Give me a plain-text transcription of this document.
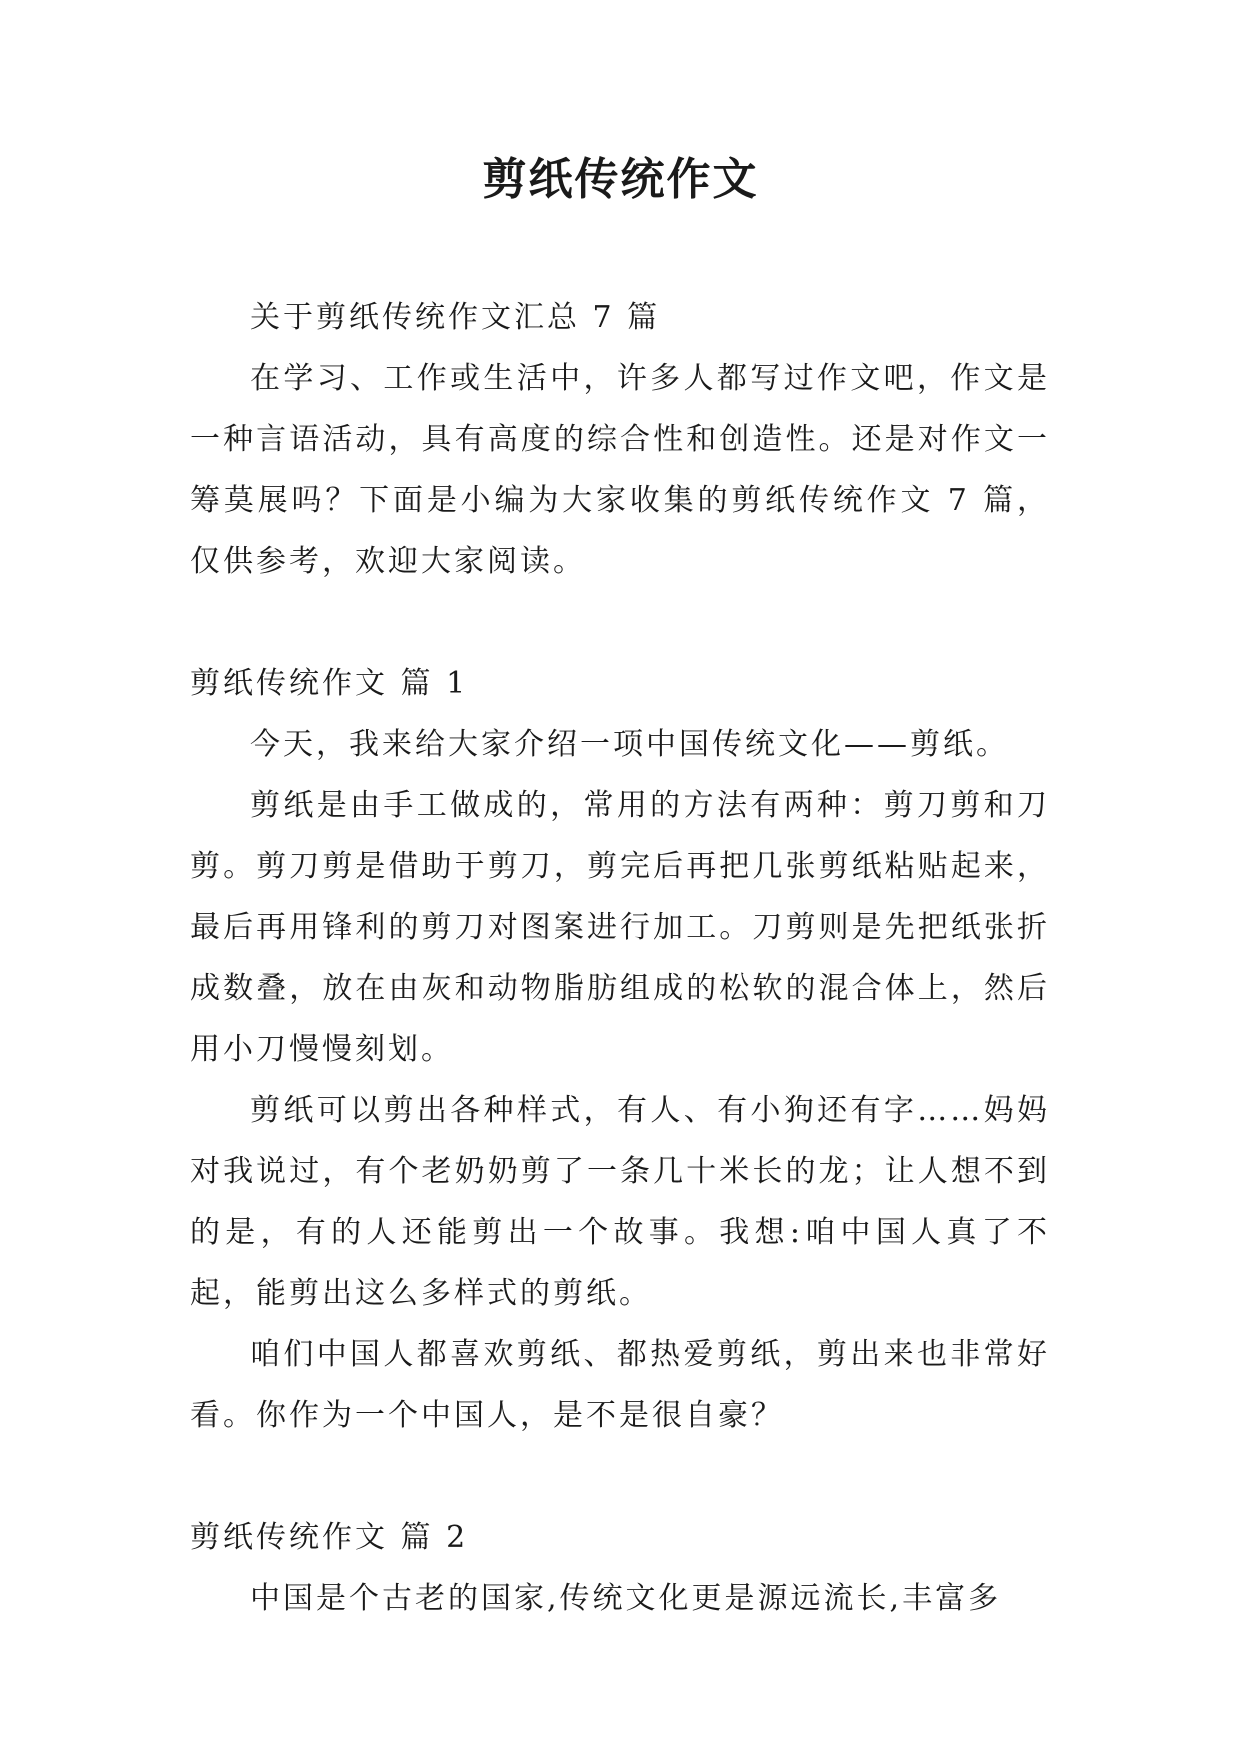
剪纸传统作文

关于剪纸传统作文汇总 7 篇

在学习、工作或生活中，许多人都写过作文吧，作文是一种言语活动，具有高度的综合性和创造性。还是对作文一筹莫展吗？下面是小编为大家收集的剪纸传统作文 7 篇，仅供参考，欢迎大家阅读。

剪纸传统作文 篇 1

今天，我来给大家介绍一项中国传统文化——剪纸。

剪纸是由手工做成的，常用的方法有两种：剪刀剪和刀剪。剪刀剪是借助于剪刀，剪完后再把几张剪纸粘贴起来，最后再用锋利的剪刀对图案进行加工。刀剪则是先把纸张折成数叠，放在由灰和动物脂肪组成的松软的混合体上，然后用小刀慢慢刻划。

剪纸可以剪出各种样式，有人、有小狗还有字……妈妈对我说过，有个老奶奶剪了一条几十米长的龙；让人想不到的是，有的人还能剪出一个故事。我想:咱中国人真了不起，能剪出这么多样式的剪纸。

咱们中国人都喜欢剪纸、都热爱剪纸，剪出来也非常好看。你作为一个中国人，是不是很自豪？

剪纸传统作文 篇 2

中国是个古老的国家,传统文化更是源远流长,丰富多
